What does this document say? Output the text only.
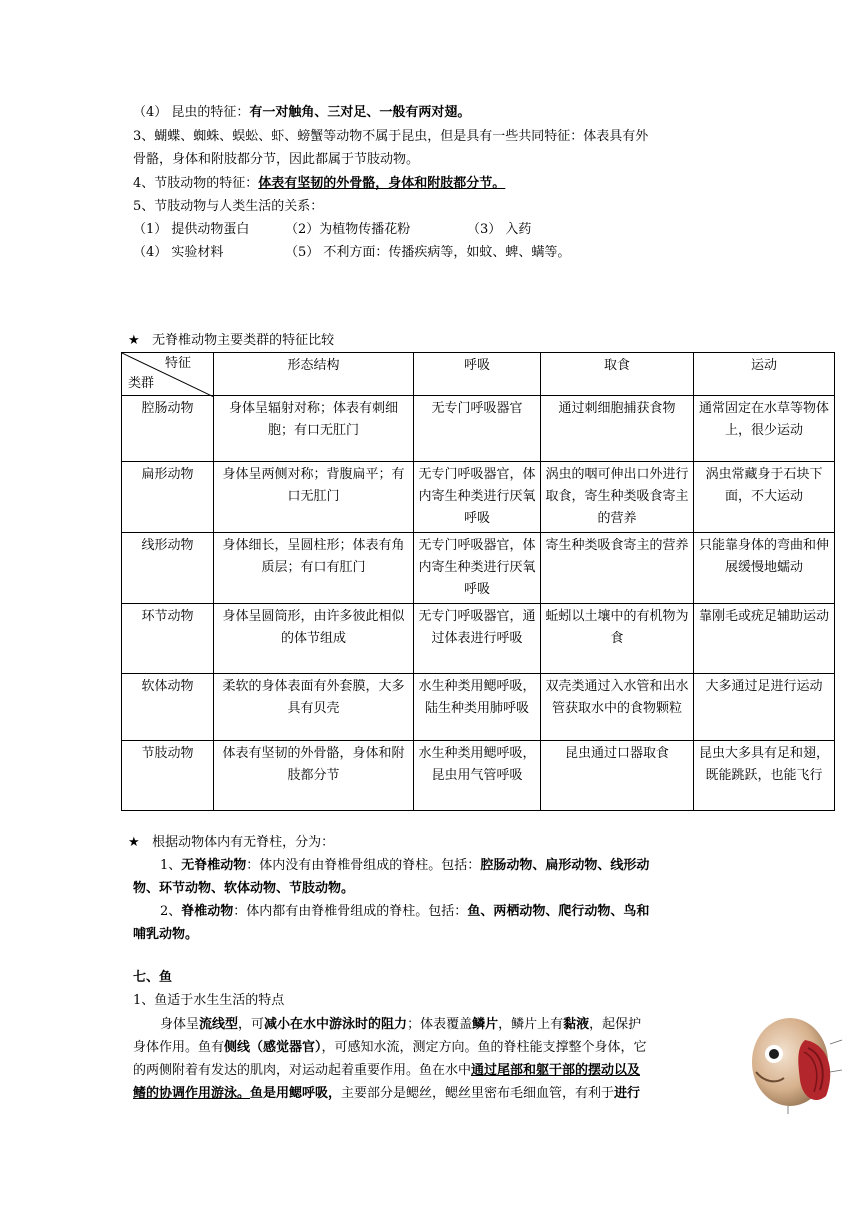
（4） 昆虫的特征：有一对触角、三对足、一般有两对翅。
3、蝴蝶、蜘蛛、蜈蚣、虾、螃蟹等动物不属于昆虫，但是具有一些共同特征：体表具有外
骨骼，身体和附肢都分节，因此都属于节肢动物。
4、节肢动物的特征：体表有坚韧的外骨骼，身体和附肢都分节。
5、节肢动物与人类生活的关系：
（1） 提供动物蛋白	（2）为植物传播花粉	（3） 入药
（4） 实验材料	（5） 不利方面：传播疾病等，如蚊、蜱、螨等。
★ 无脊椎动物主要类群的特征比较
特征
类群	形态结构	呼吸	取食	运动
腔肠动物	身体呈辐射对称；体表有刺细胞；有口无肛门	无专门呼吸器官	通过刺细胞捕获食物	通常固定在水草等物体上，很少运动
扁形动物	身体呈两侧对称；背腹扁平；有口无肛门	无专门呼吸器官，体内寄生种类进行厌氧呼吸	涡虫的咽可伸出口外进行取食，寄生种类吸食寄主的营养	涡虫常藏身于石块下面，不大运动
线形动物	身体细长，呈圆柱形；体表有角质层；有口有肛门	无专门呼吸器官，体内寄生种类进行厌氧呼吸	寄生种类吸食寄主的营养	只能靠身体的弯曲和伸展缓慢地蠕动
环节动物	身体呈圆筒形，由许多彼此相似的体节组成	无专门呼吸器官，通过体表进行呼吸	蚯蚓以土壤中的有机物为食	靠刚毛或疣足辅助运动
软体动物	柔软的身体表面有外套膜，大多具有贝壳	水生种类用鳃呼吸，陆生种类用肺呼吸	双壳类通过入水管和出水管获取水中的食物颗粒	大多通过足进行运动
节肢动物	体表有坚韧的外骨骼，身体和附肢都分节	水生种类用鳃呼吸，昆虫用气管呼吸	昆虫通过口器取食	昆虫大多具有足和翅，既能跳跃，也能飞行
★ 根据动物体内有无脊柱，分为：
1、无脊椎动物：体内没有由脊椎骨组成的脊柱。包括：腔肠动物、扁形动物、线形动
物、环节动物、软体动物、节肢动物。
2、脊椎动物：体内都有由脊椎骨组成的脊柱。包括：鱼、两栖动物、爬行动物、鸟和
哺乳动物。
七、鱼
1、鱼适于水生生活的特点
身体呈流线型，可减小在水中游泳时的阻力；体表覆盖鳞片，鳞片上有黏液，起保护
身体作用。鱼有侧线（感觉器官），可感知水流，测定方向。鱼的脊柱能支撑整个身体，它
的两侧附着有发达的肌肉，对运动起着重要作用。鱼在水中通过尾部和躯干部的摆动以及
鳍的协调作用游泳。鱼是用鳃呼吸，主要部分是鳃丝，鳃丝里密布毛细血管，有利于进行
